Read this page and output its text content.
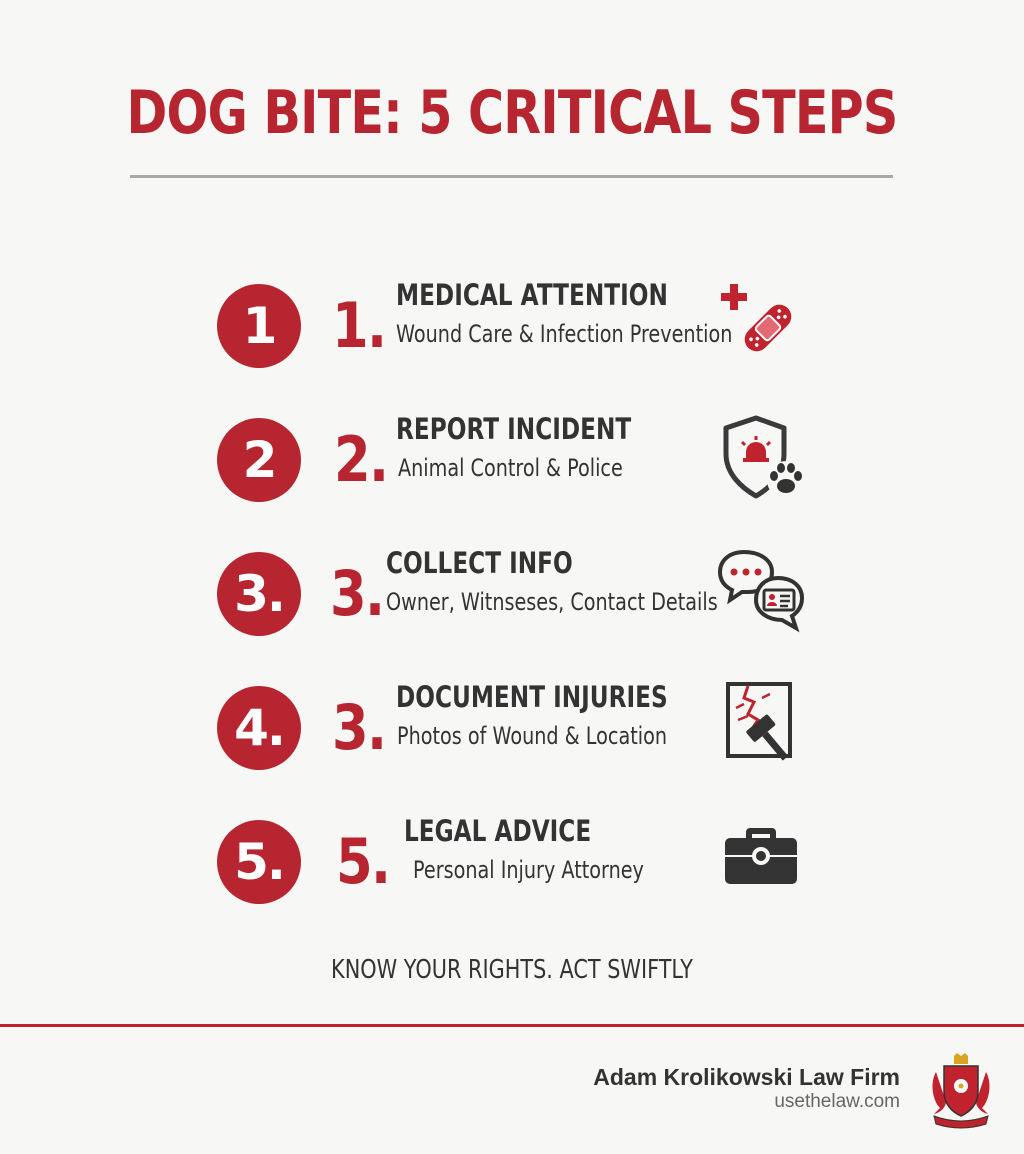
DOG BITE: 5 CRITICAL STEPS
1 1. MEDICAL ATTENTION
Wound Care & Infection Prevention
2 2. REPORT INCIDENT
Animal Control & Police
3. 3. COLLECT INFO
Owner, Witnseses, Contact Details
4. 3. DOCUMENT INJURIES
Photos of Wound & Location
5. 5. LEGAL ADVICE
Personal Injury Attorney
KNOW YOUR RIGHTS. ACT SWIFTLY
Adam Krolikowski Law Firm
usethelaw.com
